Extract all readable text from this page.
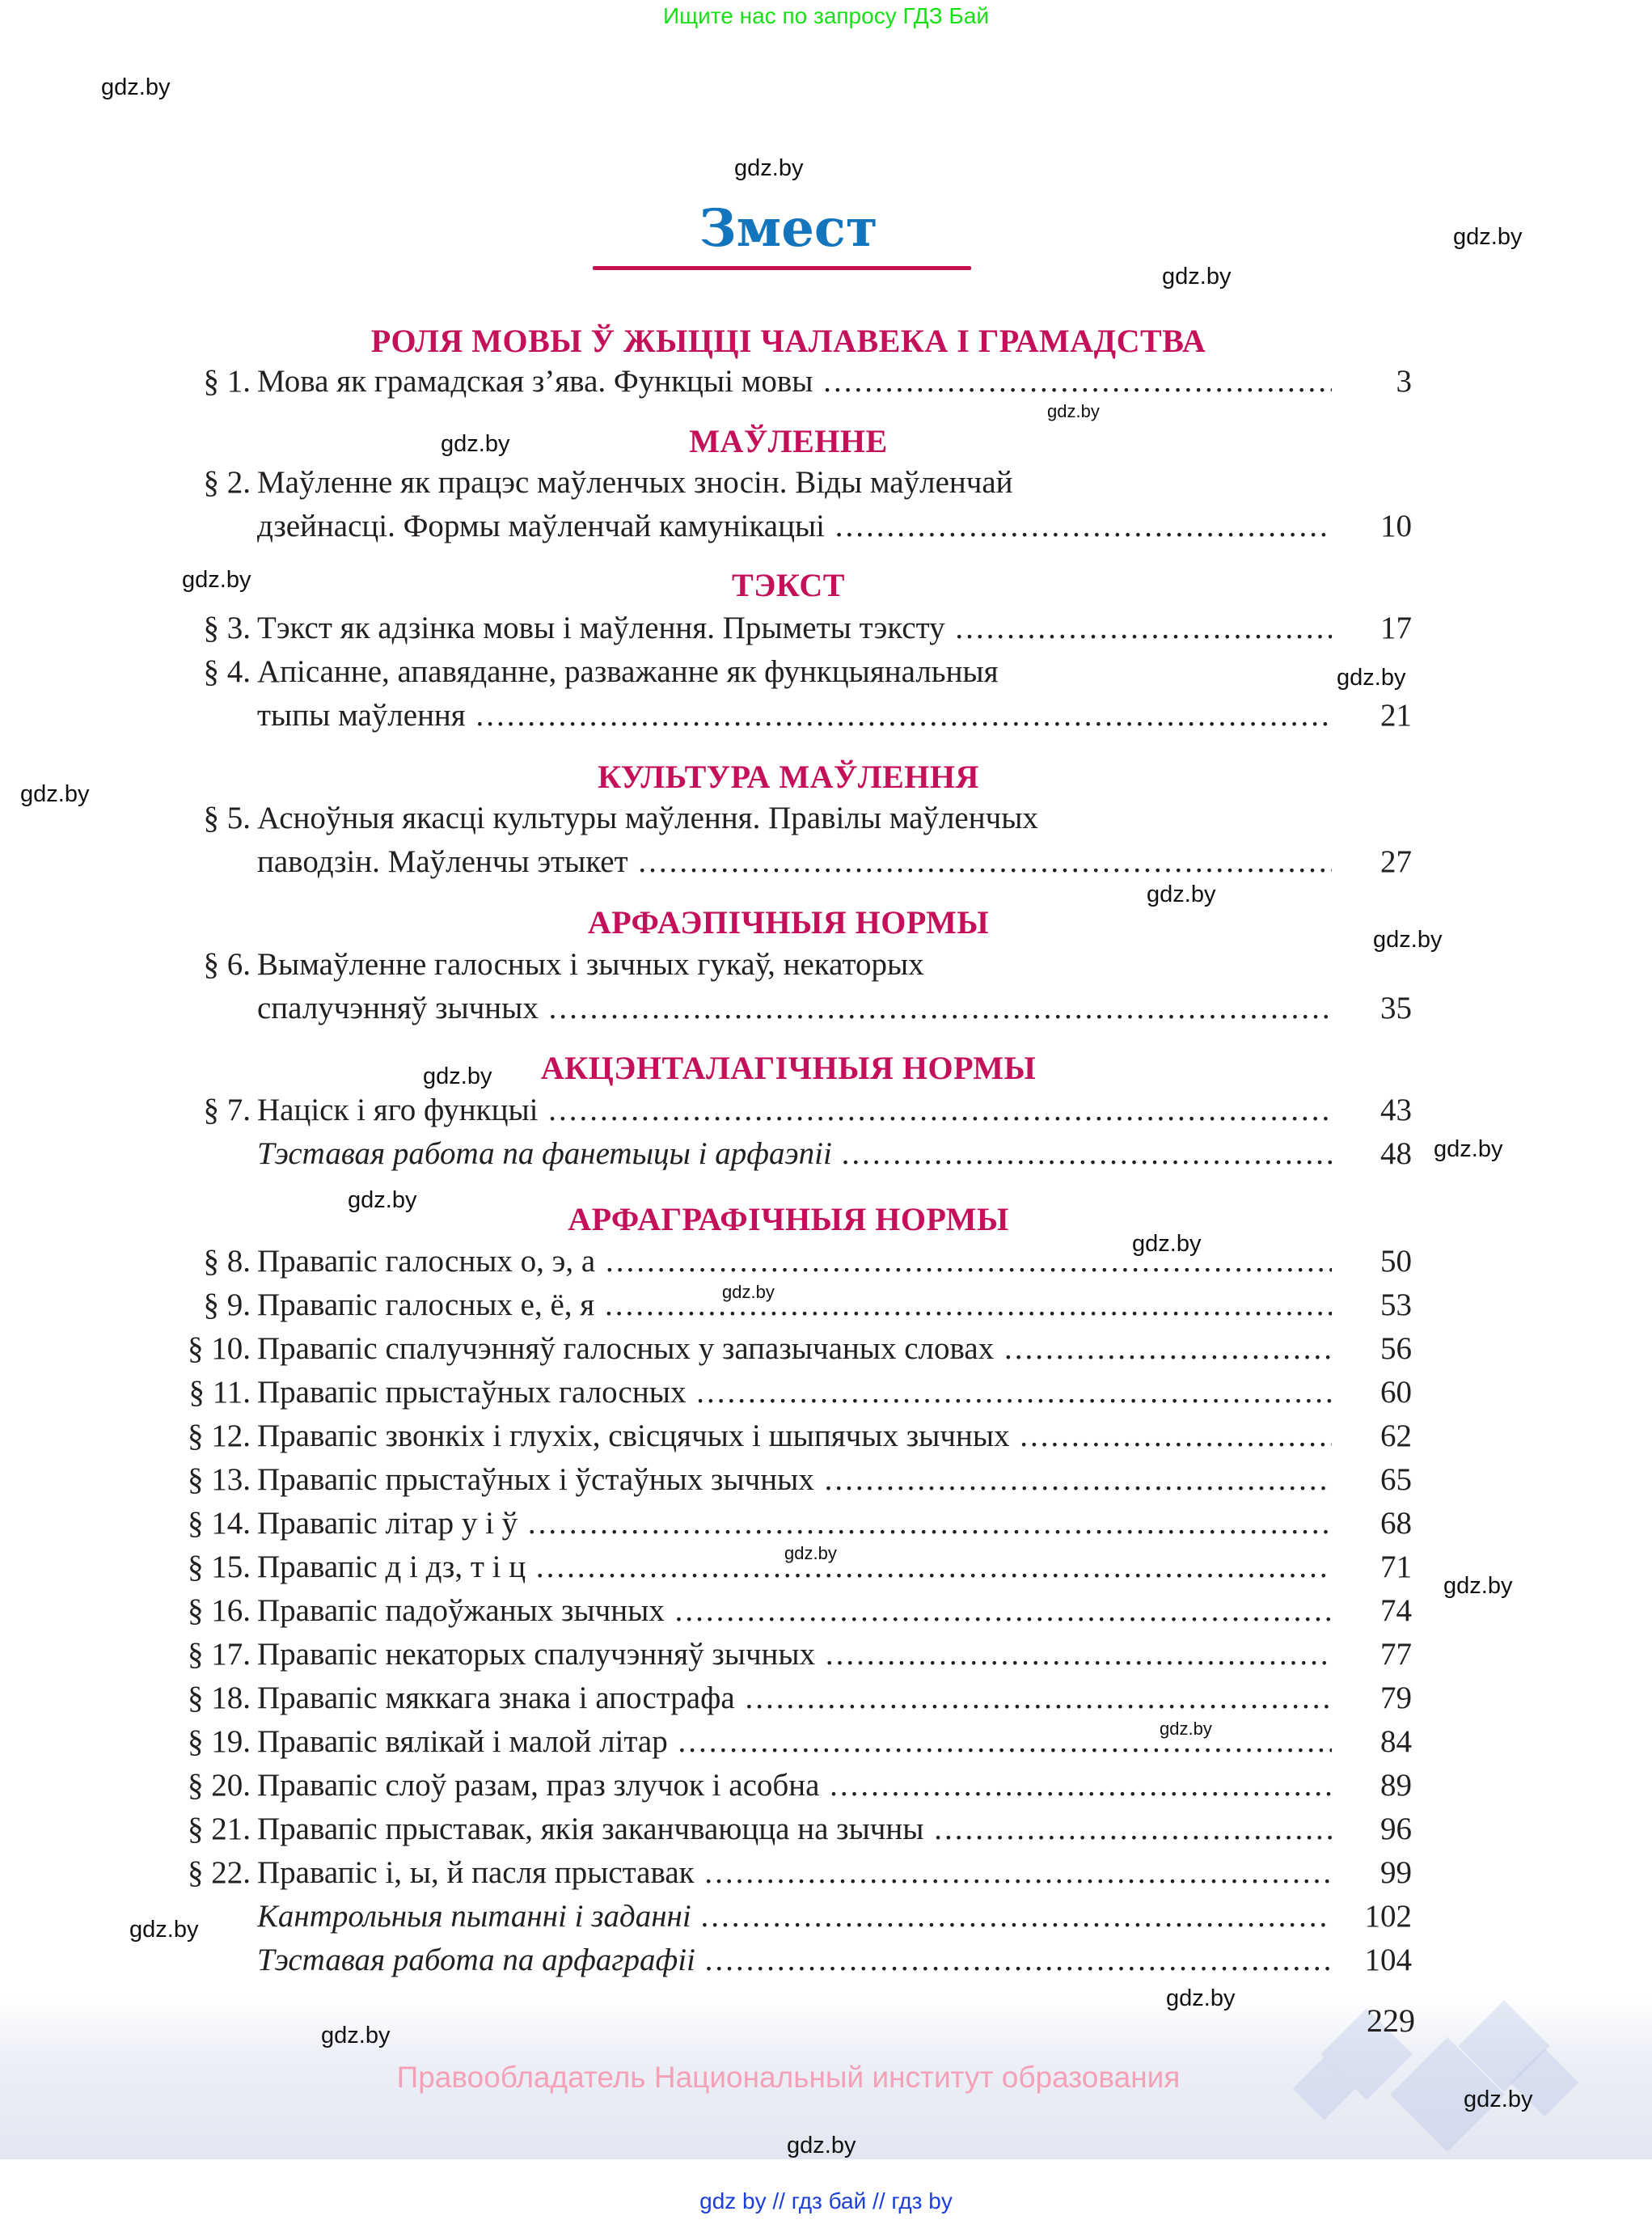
Ищите нас по запросу ГДЗ Бай
gdz.by
gdz.by
gdz.by
gdz.by
gdz.by
gdz.by
gdz.by
gdz.by
gdz.by
gdz.by
gdz.by
gdz.by
gdz.by
gdz.by
gdz.by
gdz.by
gdz.by
gdz.by
gdz.by
gdz.by
gdz.by
gdz.by
gdz.by
gdz.by
Змест
РОЛЯ МОВЫ Ў ЖЫЦЦІ ЧАЛАВЕКА І ГРАМАДСТВА
МАЎЛЕННЕ
ТЭКСТ
КУЛЬТУРА МАЎЛЕННЯ
АРФАЭПІЧНЫЯ НОРМЫ
АКЦЭНТАЛАГІЧНЫЯ НОРМЫ
АРФАГРАФІЧНЫЯ НОРМЫ
§ 1. Мова як грамадская з’ява. Функцыі мовы .....	3
§ 2. Маўленне як працэс маўленчых зносін. Віды маўленчай
дзейнасці. Формы маўленчай камунікацыі .....	10
§ 3. Тэкст як адзінка мовы і маўлення. Прыметы тэксту .....	17
§ 4. Апісанне, апавяданне, разважанне як функцыянальныя
тыпы маўлення .....	21
§ 5. Асноўныя якасці культуры маўлення. Правілы маўленчых
паводзін. Маўленчы этыкет .....	27
§ 6. Вымаўленне галосных і зычных гукаў, некаторых
спалучэнняў зычных .....	35
§ 7. Націск і яго функцыі .....	43
Тэставая работа па фанетыцы і арфаэпіі .....	48
§ 8. Правапіс галосных о, э, а .....	50
§ 9. Правапіс галосных е, ё, я .....	53
§ 10. Правапіс спалучэнняў галосных у запазычаных словах .....	56
§ 11. Правапіс прыстаўных галосных .....	60
§ 12. Правапіс звонкіх і глухіх, свісцячых і шыпячых зычных .....	62
§ 13. Правапіс прыстаўных і ўстаўных зычных .....	65
§ 14. Правапіс літар у і ў .....	68
§ 15. Правапіс д і дз, т і ц .....	71
§ 16. Правапіс падоўжаных зычных .....	74
§ 17. Правапіс некаторых спалучэнняў зычных .....	77
§ 18. Правапіс мяккага знака і апострафа .....	79
§ 19. Правапіс вялікай і малой літар .....	84
§ 20. Правапіс слоў разам, праз злучок і асобна .....	89
§ 21. Правапіс прыставак, якія заканчваюцца на зычны .....	96
§ 22. Правапіс і, ы, й пасля прыставак .....	99
Кантрольныя пытанні і заданні .....	102
Тэставая работа па арфаграфіі .....	104
229
Правообладатель Национальный институт образования
gdz by // гдз бай // гдз by
